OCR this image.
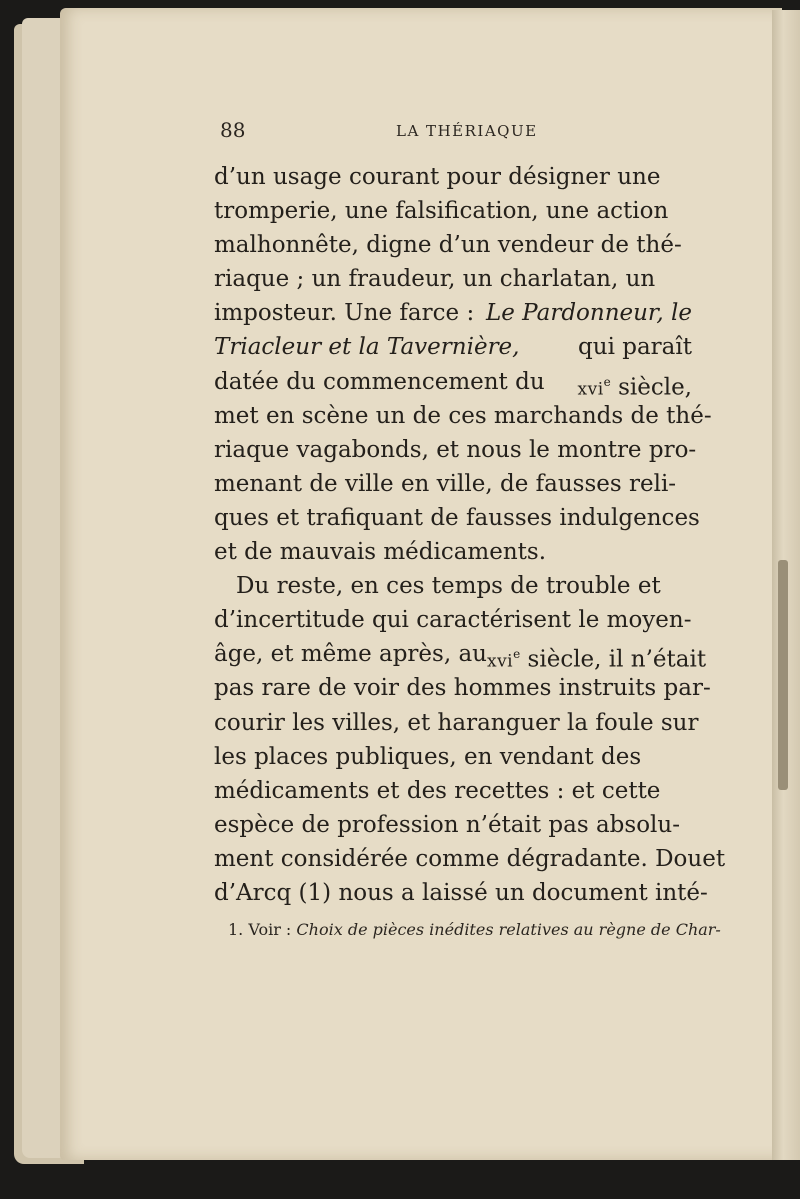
88	LA THÉRIAQUE
d’un usage courant pour désigner une
tromperie, une falsification, une action
malhonnête, digne d’un vendeur de thé-
riaque ; un fraudeur, un charlatan, un
imposteur. Une farce : Le Pardonneur, le
Triacleur et la Tavernière,	qui paraît
datée du commencement du xvi$^e$ siècle,
met en scène un de ces marchands de thé-
riaque vagabonds, et nous le montre pro-
menant de ville en ville, de fausses reli-
ques et trafiquant de fausses indulgences
et de mauvais médicaments.
Du reste, en ces temps de trouble et
d’incertitude qui caractérisent le moyen-
âge, et même après, au xvi$^e$ siècle, il n’était
pas rare de voir des hommes instruits par-
courir les villes, et haranguer la foule sur
les places publiques, en vendant des
médicaments et des recettes : et cette
espèce de profession n’était pas absolu-
ment considérée comme dégradante. Douet
d’Arcq (1) nous a laissé un document inté-
1. Voir : Choix de pièces inédites relatives au règne de Char-
